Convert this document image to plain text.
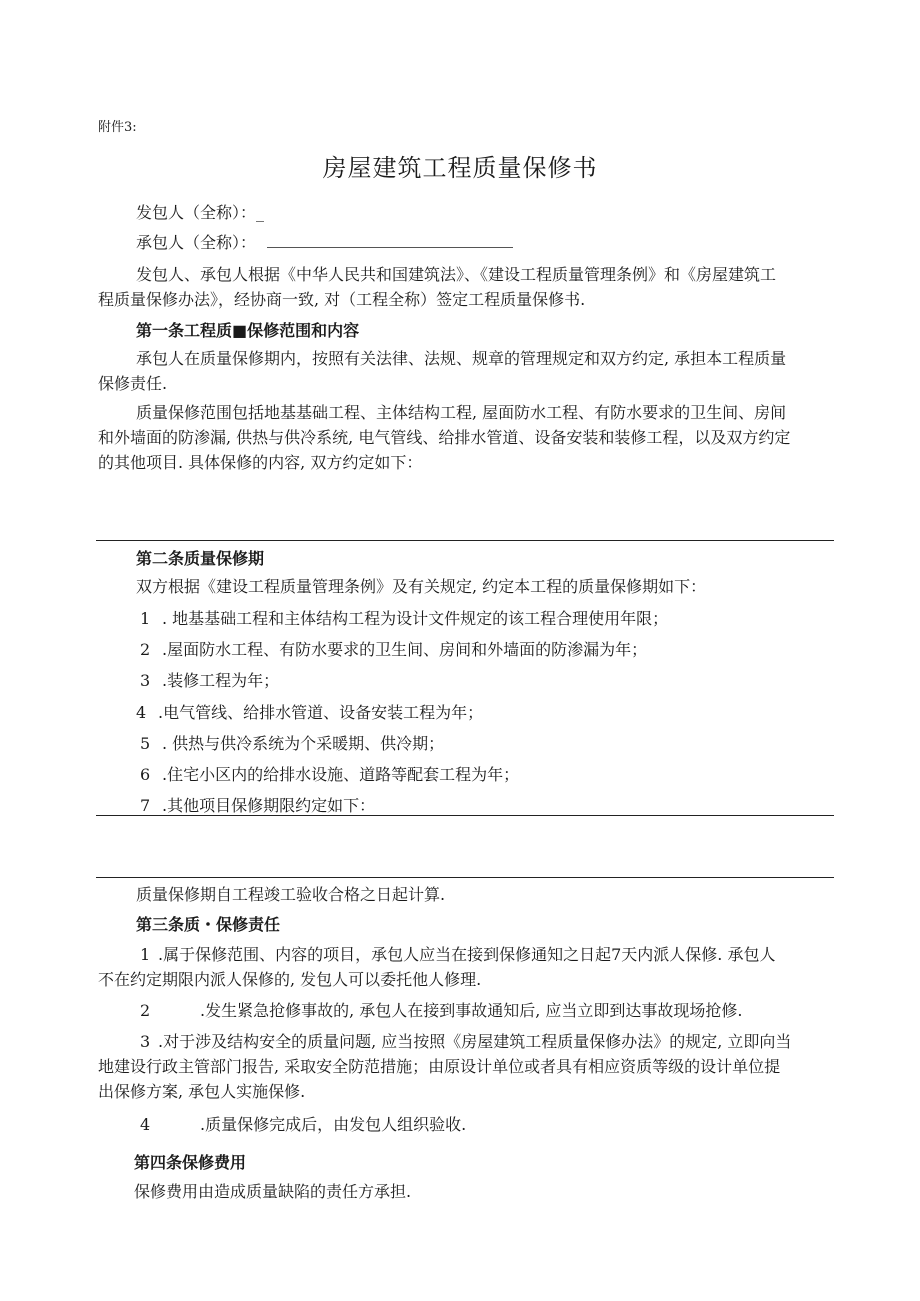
附件3:
房屋建筑工程质量保修书
发包人（全称）：_
承包人（全称）：
发包人、承包人根据《中华人民共和国建筑法》、《建设工程质量管理条例》和《房屋建筑工
程质量保修办法》，经协商一致, 对（工程全称）签定工程质量保修书.
第一条工程质■保修范围和内容
承包人在质量保修期内，按照有关法律、法规、规章的管理规定和双方约定, 承担本工程质量
保修责任.
质量保修范围包括地基基础工程、主体结构工程, 屋面防水工程、有防水要求的卫生间、房间
和外墙面的防渗漏, 供热与供冷系统, 电气管线、给排水管道、设备安装和装修工程，以及双方约定
的其他项目. 具体保修的内容, 双方约定如下：
第二条质量保修期
双方根据《建设工程质量管理条例》及有关规定, 约定本工程的质量保修期如下：
1 . 地基基础工程和主体结构工程为设计文件规定的该工程合理使用年限；
2 .屋面防水工程、有防水要求的卫生间、房间和外墙面的防渗漏为年；
3 .装修工程为年；
4 .电气管线、给排水管道、设备安装工程为年；
5 . 供热与供冷系统为个采暖期、供冷期；
6 .住宅小区内的给排水设施、道路等配套工程为年；
7 .其他项目保修期限约定如下：
质量保修期自工程竣工验收合格之日起计算.
第三条质・保修责任
1 .属于保修范围、内容的项目，承包人应当在接到保修通知之日起7天内派人保修. 承包人
不在约定期限内派人保修的, 发包人可以委托他人修理.
2	.发生紧急抢修事故的, 承包人在接到事故通知后, 应当立即到达事故现场抢修.
3 .对于涉及结构安全的质量问题, 应当按照《房屋建筑工程质量保修办法》的规定, 立即向当
地建设行政主管部门报告, 采取安全防范措施；由原设计单位或者具有相应资质等级的设计单位提
出保修方案, 承包人实施保修.
4	.质量保修完成后，由发包人组织验收.
第四条保修费用
保修费用由造成质量缺陷的责任方承担.
